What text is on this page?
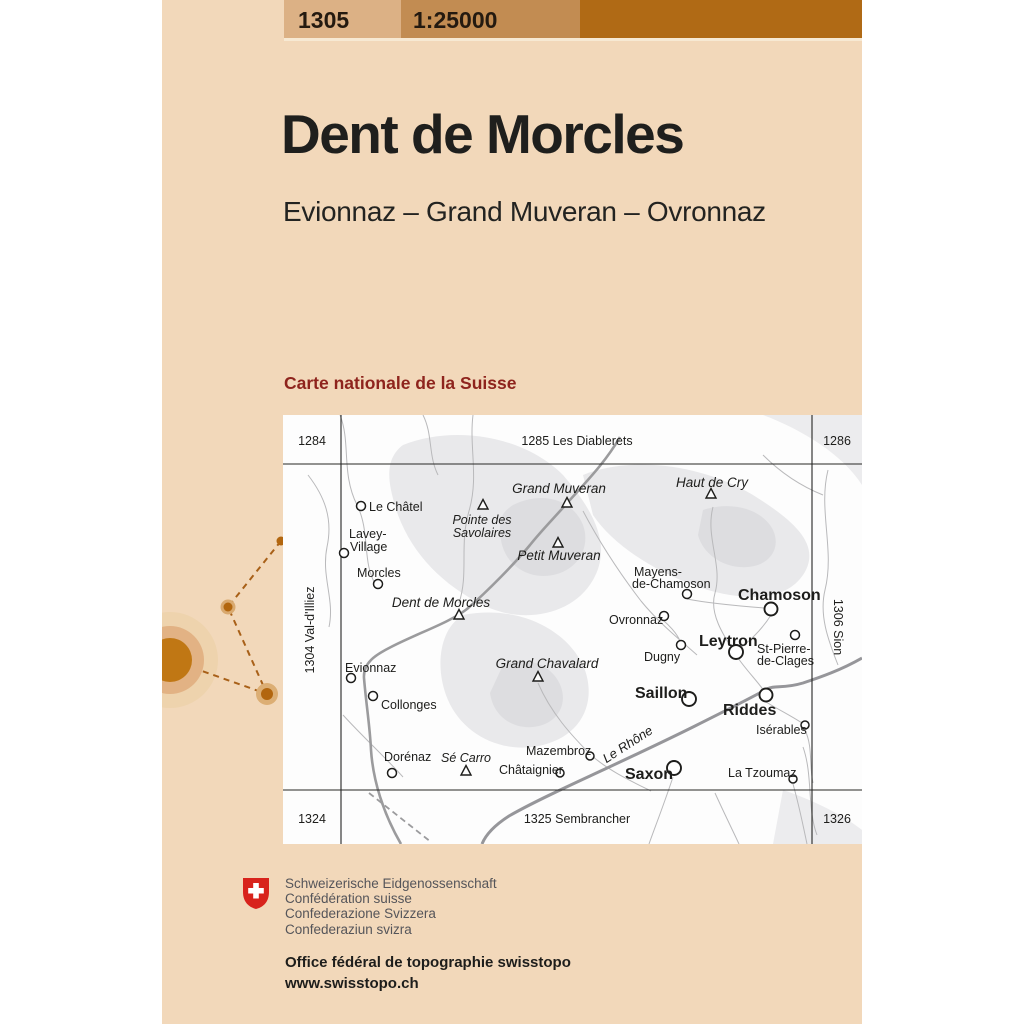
1305	1:25000
Dent de Morcles
Evionnaz – Grand Muveran – Ovronnaz
Carte nationale de la Suisse
1284	1285 Les Diablerets	1286
1324	1325 Sembrancher	1326
1304 Val-d'Illiez	1306 Sion
Le Châtel
Lavey-
Village
Morcles
Evionnaz
Collonges
Dorénaz	Mazembroz
Châtaignier
Ovronnaz
Dugny
Mayens-
de-Chamoson
St-Pierre-
de-Clages
Isérables
La Tzoumaz
Chamoson
Leytron
Saillon
Riddes
Saxon
Grand Muveran
Petit Muveran
Pointe des
Savolaires
Dent de Morcles
Haut de Cry
Grand Chavalard
Sé Carro	Le Rhône
Schweizerische Eidgenossenschaft
Confédération suisse
Confederazione Svizzera
Confederaziun svizra
Office fédéral de topographie swisstopo
www.swisstopo.ch
